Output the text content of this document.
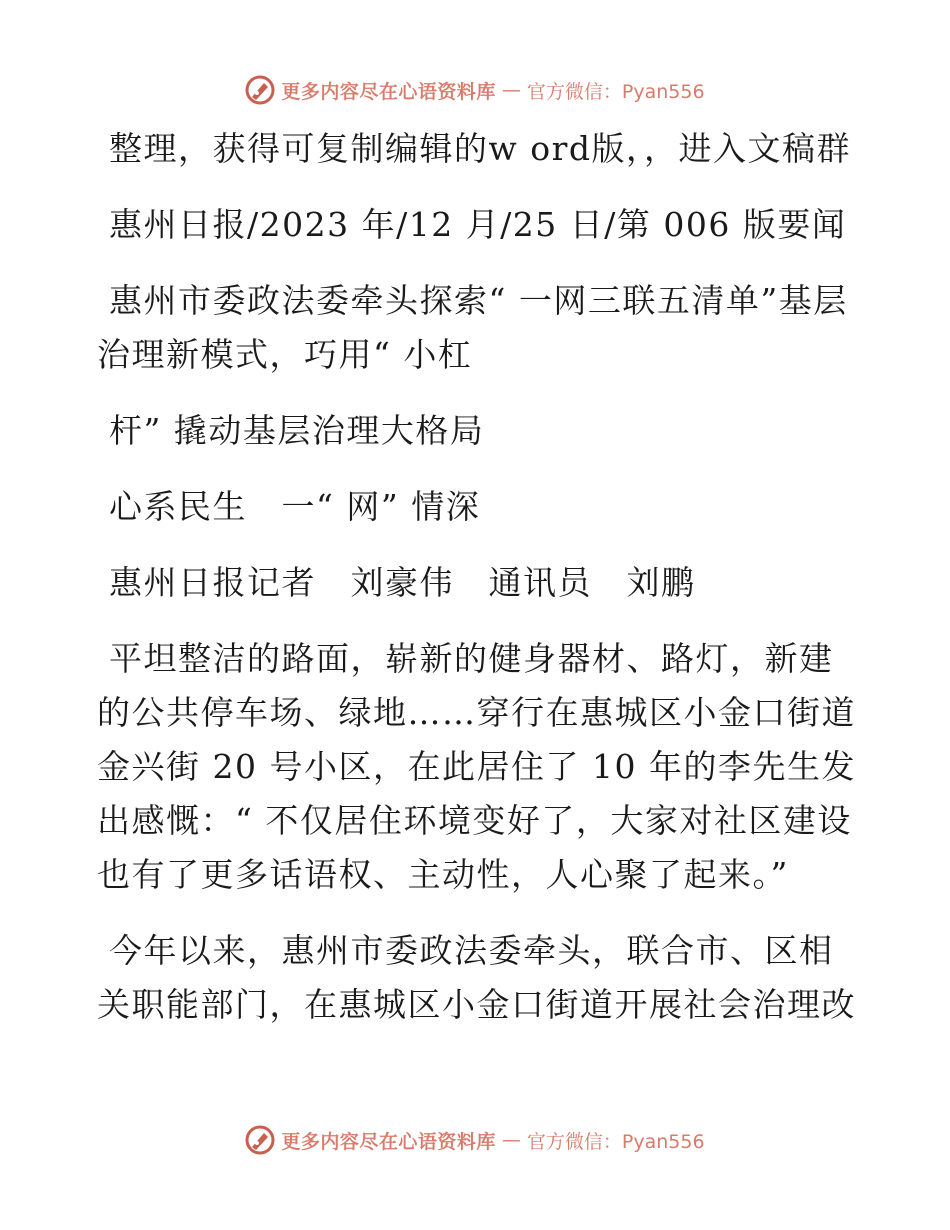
更多内容尽在心语资料库 — 官方微信：Pyan556

整理，获得可复制编辑的w ord版，，进入文稿群

惠州日报/2023 年/12 月/25 日/第 006 版要闻

惠州市委政法委牵头探索“ 一网三联五清单”基层治理新模式，巧用“ 小杠

杆” 撬动基层治理大格局

心系民生　一“ 网” 情深

惠州日报记者　刘豪伟　通讯员　刘鹏

平坦整洁的路面，崭新的健身器材、路灯，新建的公共停车场、绿地……穿行在惠城区小金口街道金兴街 20 号小区，在此居住了 10 年的李先生发出感慨：“ 不仅居住环境变好了，大家对社区建设也有了更多话语权、主动性，人心聚了起来。”

今年以来，惠州市委政法委牵头，联合市、区相关职能部门，在惠城区小金口街道开展社会治理改

更多内容尽在心语资料库 — 官方微信：Pyan556
